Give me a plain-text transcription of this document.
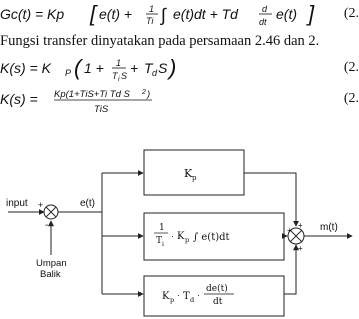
Gc(t) = Kp [ e(t) + 1
Ti ∫ e(t)dt + Td	d
dt e(t) ] (2.
Fungsi transfer dinyatakan pada persamaan 2.46 dan 2.
K(s) = K P ( 1 + 1
T i S + T d S )	(2.
K(s) = Kp(1+TiS+Ti Td S 2 )
TiS
(2.
input +
-
Umpan
Balik
e(t)
K p
1
T i
· K p ∫ e(t)dt
K p · T d ·
de(t)
dt
+
+
+
m(t)
